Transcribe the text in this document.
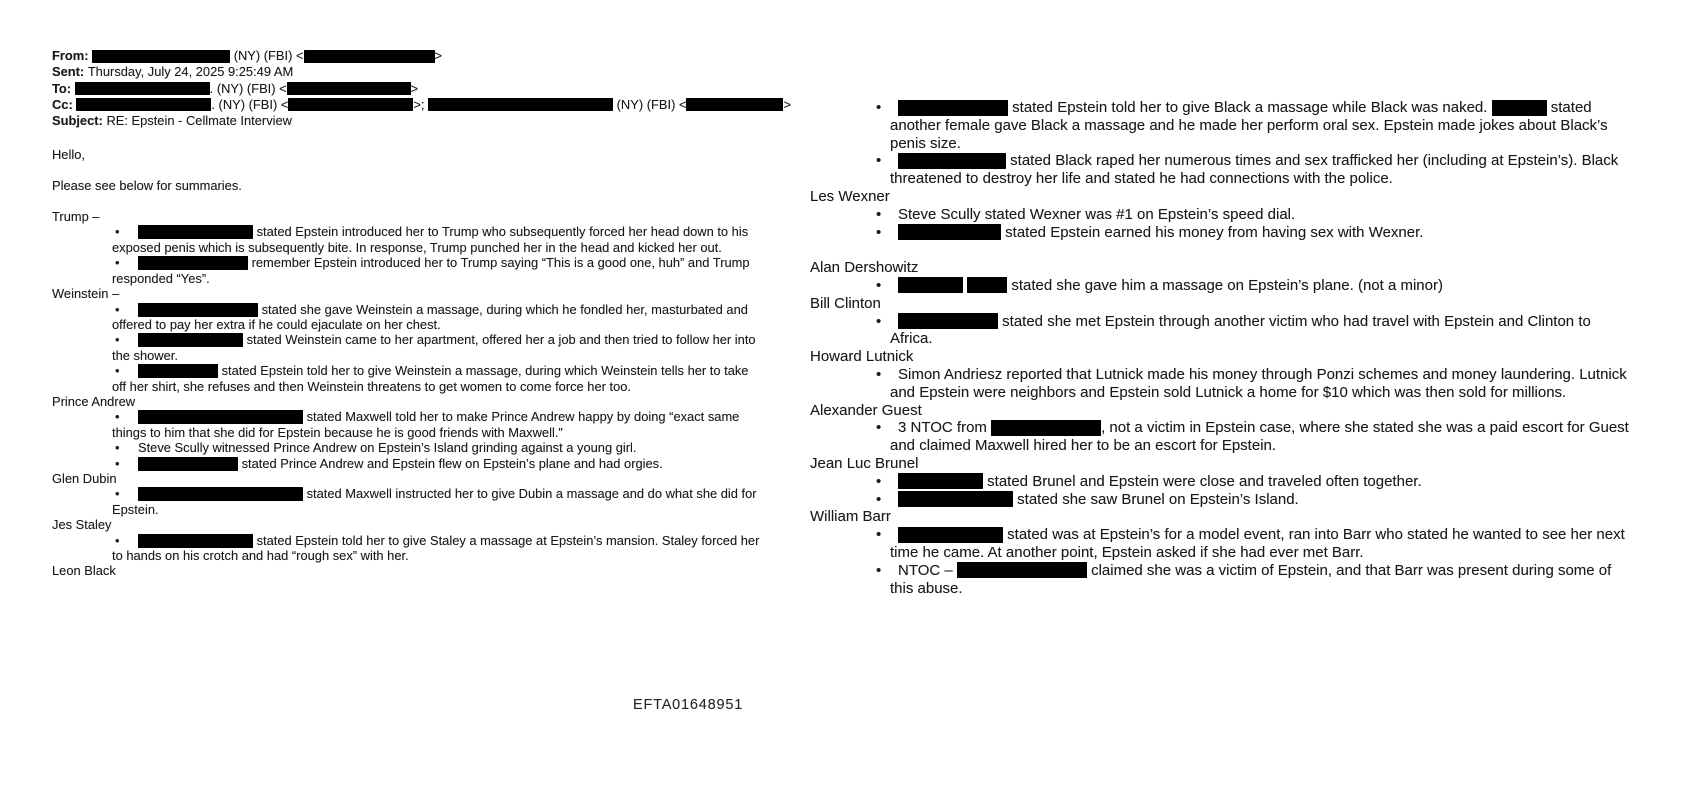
From:	(NY) (FBI) <	>
Sent: Thursday, July 24, 2025 9:25:49 AM
To:	. (NY) (FBI) <	>
Cc:	. (NY) (FBI) <	>;	(NY) (FBI) <	>
Subject: RE: Epstein - Cellmate Interview

Hello,

Please see below for summaries.

Trump –
•	stated Epstein introduced her to Trump who subsequently forced her head down to his exposed penis which is subsequently bite. In response, Trump punched her in the head and kicked her out.
•	remember Epstein introduced her to Trump saying “This is a good one, huh” and Trump responded “Yes”.
Weinstein –
•	stated she gave Weinstein a massage, during which he fondled her, masturbated and offered to pay her extra if he could ejaculate on her chest.
•	stated Weinstein came to her apartment, offered her a job and then tried to follow her into the shower.
•	stated Epstein told her to give Weinstein a massage, during which Weinstein tells her to take off her shirt, she refuses and then Weinstein threatens to get women to come force her too.
Prince Andrew
•	stated Maxwell told her to make Prince Andrew happy by doing “exact same things to him that she did for Epstein because he is good friends with Maxwell.”
•	Steve Scully witnessed Prince Andrew on Epstein’s Island grinding against a young girl.
•	stated Prince Andrew and Epstein flew on Epstein’s plane and had orgies.
Glen Dubin
•	stated Maxwell instructed her to give Dubin a massage and do what she did for Epstein.
Jes Staley
•	stated Epstein told her to give Staley a massage at Epstein’s mansion. Staley forced her to hands on his crotch and had “rough sex” with her.
Leon Black
•	stated Epstein told her to give Black a massage while Black was naked.	stated another female gave Black a massage and he made her perform oral sex. Epstein made jokes about Black’s penis size.
•	stated Black raped her numerous times and sex trafficked her (including at Epstein’s). Black threatened to destroy her life and stated he had connections with the police.
Les Wexner
•	Steve Scully stated Wexner was #1 on Epstein’s speed dial.
•	stated Epstein earned his money from having sex with Wexner.
Alan Dershowitz
•	stated she gave him a massage on Epstein’s plane. (not a minor)
Bill Clinton
•	stated she met Epstein through another victim who had travel with Epstein and Clinton to Africa.
Howard Lutnick
•	Simon Andriesz reported that Lutnick made his money through Ponzi schemes and money laundering. Lutnick and Epstein were neighbors and Epstein sold Lutnick a home for $10 which was then sold for millions.
Alexander Guest
•	3 NTOC from	, not a victim in Epstein case, where she stated she was a paid escort for Guest and claimed Maxwell hired her to be an escort for Epstein.
Jean Luc Brunel
•	stated Brunel and Epstein were close and traveled often together.
•	stated she saw Brunel on Epstein’s Island.
William Barr
•	stated was at Epstein’s for a model event, ran into Barr who stated he wanted to see her next time he came. At another point, Epstein asked if she had ever met Barr.
•	NTOC –	claimed she was a victim of Epstein, and that Barr was present during some of this abuse.
EFTA01648951
